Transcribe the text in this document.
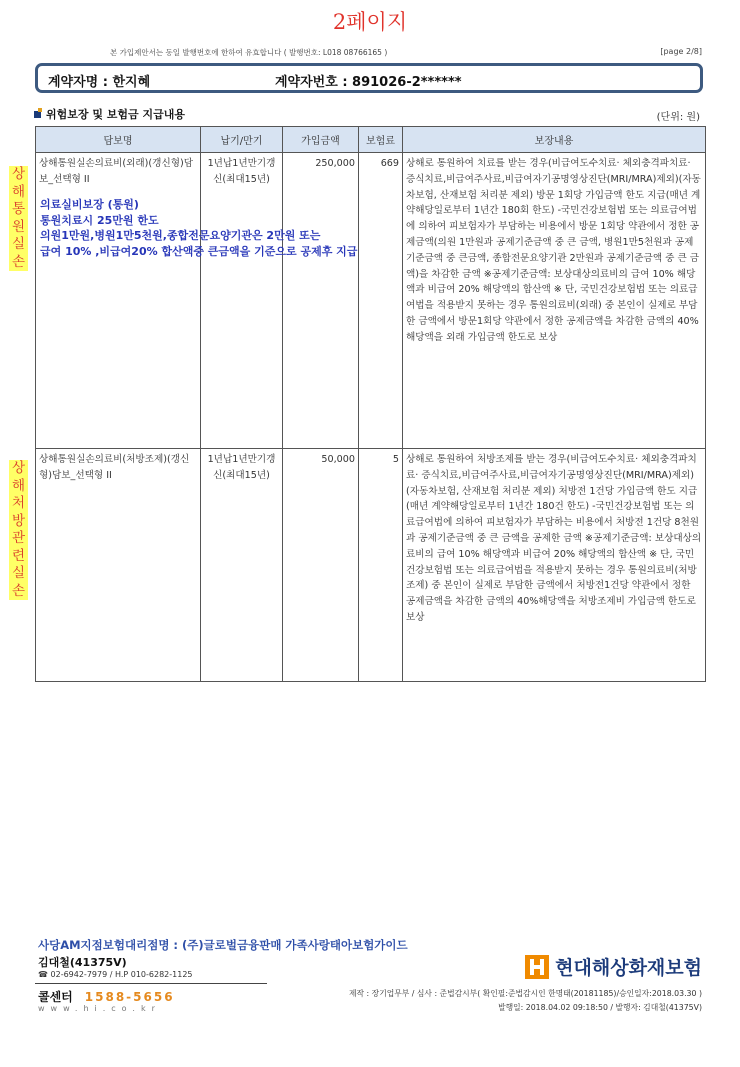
2페이지
본 가입제안서는 동일 발행번호에 한하여 유효합니다 ( 발행번호: L018 08766165 )	[page 2/8]
계약자명 : 한지혜	계약자번호 : 891026-2******
위험보장 및 보험금 지급내용	(단위: 원)
담보명	납기/만기	가입금액	보험료	보장내용
상해통원실손의료비(외래)(갱신형)담보_선택형 II	1년납1년만기갱신(최대15년)	250,000	669	상해로 통원하여 치료를 받는 경우(비급여도수치료· 체외충격파치료· 증식치료,비급여주사료,비급여자기공명영상진단(MRI/MRA)제외)(자동차보험, 산재보험 처리분 제외) 방문 1회당 가입금액 한도 지급(매년 계약해당일로부터 1년간 180회 한도) -국민건강보험법 또는 의료급여법에 의하여 피보험자가 부담하는 비용에서 방문 1회당 약관에서 정한 공제금액(의원 1만원과 공제기준금액 중 큰 금액, 병원1만5천원과 공제기준금액 중 큰금액, 종합전문요양기관 2만원과 공제기준금액 중 큰 금액)을 차감한 금액 ※공제기준금액: 보상대상의료비의 급여 10% 해당액과 비급여 20% 해당액의 합산액 ※ 단, 국민건강보험법 또는 의료급여법을 적용받지 못하는 경우 통원의료비(외래) 중 본인이 실제로 부담한 금액에서 방문1회당 약관에서 정한 공제금액을 차감한 금액의 40%해당액을 외래 가입금액 한도로 보상
상해통원실손의료비(처방조제)(갱신형)담보_선택형 II	1년납1년만기갱신(최대15년)	50,000	5	상해로 통원하여 처방조제를 받는 경우(비급여도수치료· 체외충격파치료· 증식치료,비급여주사료,비급여자기공명영상진단(MRI/MRA)제외)(자동차보험, 산재보험 처리분 제외) 처방전 1건당 가입금액 한도 지급(매년 계약해당일로부터 1년간 180건 한도) -국민건강보험법 또는 의료급여법에 의하여 피보험자가 부담하는 비용에서 처방전 1건당 8천원과 공제기준금액 중 큰 금액을 공제한 금액 ※공제기준금액: 보상대상의료비의 급여 10% 해당액과 비급여 20% 해당액의 합산액 ※ 단, 국민건강보험법 또는 의료급여법을 적용받지 못하는 경우 통원의료비(처방조제) 중 본인이 실제로 부담한 금액에서 처방전1건당 약관에서 정한 공제금액을 차감한 금액의 40%해당액을 처방조제비 가입금액 한도로 보상
의료실비보장 (통원)
통원치료시 25만원 한도
의원1만원,병원1만5천원,종합전문요양기관은 2만원 또는
급여 10% ,비급여20% 합산액중 큰금액을 기준으로 공제후 지급
상해통원실손
상해처방관련실손
사당AM지점보험대리점명 : (주)글로벌금융판매 가족사랑태아보험가이드
김대철(41375V)
☎ 02-6942-7979 / H.P 010-6282-1125
콜센터 1588-5656
www.hi.co.kr
현대해상화재보험
제작 : 장기업무부 / 심사 : 준법감시부( 확인필:준법감시인 한명태(20181185)/승인일자:2018.03.30 )
발행일: 2018.04.02 09:18:50 / 발행자: 김대철(41375V)
